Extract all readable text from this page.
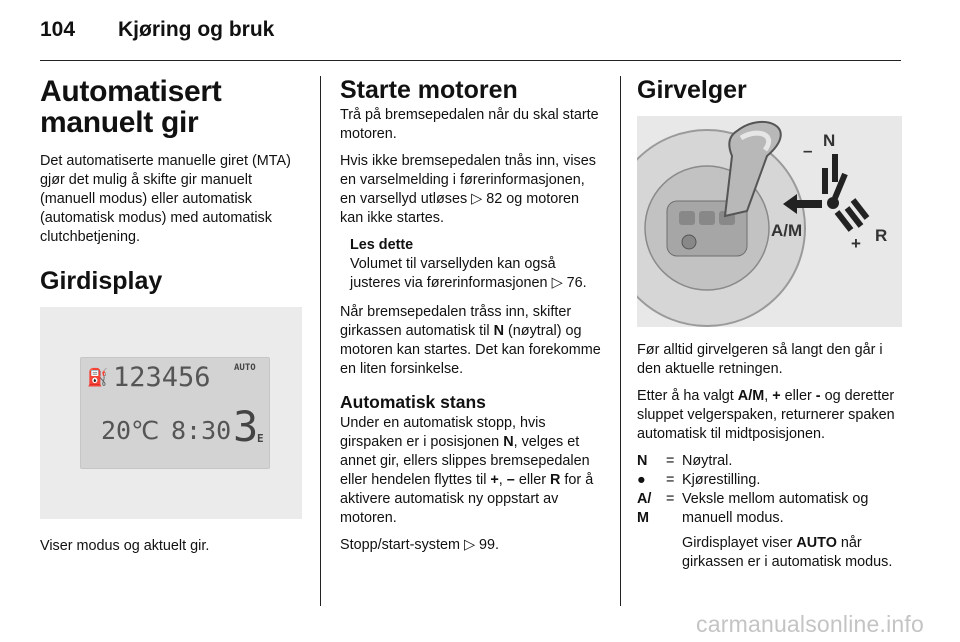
104 Kjøring og bruk
Automatisert manuelt gir

Det automatiserte manuelle giret (MTA) gjør det mulig å skifte gir manuelt (manuell modus) eller automatisk (automatisk modus) med automatisk clutchbetjening.

Girdisplay
⛽ 123456	AUTO
20℃ 8:30 3
E

Viser modus og aktuelt gir.

Starte motoren

Trå på bremsepedalen når du skal starte motoren.

Hvis ikke bremsepedalen tnås inn, vises en varselmelding i førerinformasjonen, en varsellyd utløses ▷ 82 og motoren kan ikke startes.

Les dette

Volumet til varsellyden kan også justeres via førerinformasjonen ▷ 76.

Når bremsepedalen tråss inn, skifter girkassen automatisk til N (nøytral) og motoren kan startes. Det kan forekomme en liten forsinkelse.

Automatisk stans

Under en automatisk stopp, hvis girspaken er i posisjonen N, velges et annet gir, ellers slippes bremsepedalen eller hendelen flyttes til +, – eller R for å aktivere automatisk ny oppstart av motoren.

Stopp/start-system ▷ 99.

Girvelger
N
–
A/M
+ R

Før alltid girvelgeren så langt den går i den aktuelle retningen.

Etter å ha valgt A/M, + eller - og deretter sluppet velgerspaken, returnerer spaken automatisk til midtposisjonen.

N	=	Nøytral.
●	=	Kjørestilling.
A/ M	=	Veksle mellom automatisk og manuell modus.
		Girdisplayet viser AUTO når girkassen er i automatisk modus.
carmanualsonline.info
